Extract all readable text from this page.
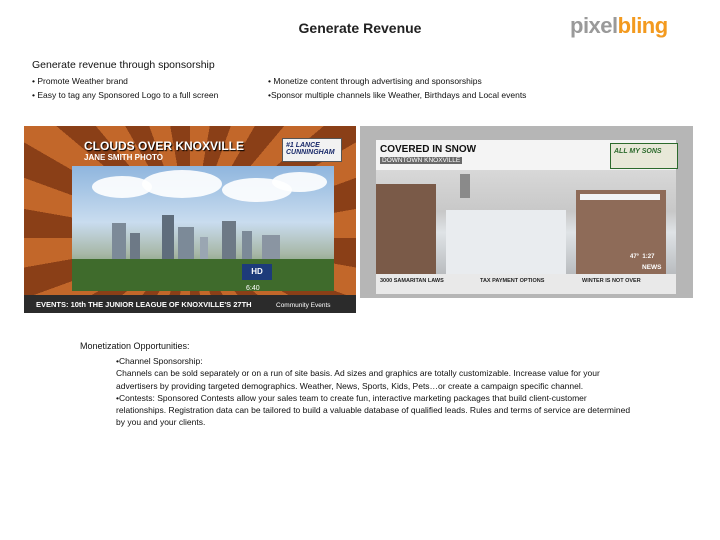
Generate Revenue	pixelbling
Generate revenue through sponsorship
• Promote Weather brand
• Easy to tag any Sponsored Logo to a full screen
• Monetize content through advertising and sponsorships
•Sponsor multiple channels like Weather, Birthdays and Local events
#1 LANCE CUNNINGHAM
CLOUDS OVER KNOXVILLE
JANE SMITH PHOTO
HD
6:40
EVENTS: 10th THE JUNIOR LEAGUE OF KNOXVILLE'S 27TH	Community Events
COVERED IN SNOW
DOWNTOWN KNOXVILLE
ALL MY SONS
47° 1:27
NEWS
3000 SAMARITAN LAWS	TAX PAYMENT OPTIONS	WINTER IS NOT OVER
Monetization Opportunities:

•Channel Sponsorship:

Channels can be sold separately or on a run of site basis. Ad sizes and graphics are totally customizable. Increase value for your advertisers by providing targeted demographics. Weather, News, Sports, Kids, Pets…or create a campaign specific channel.

•Contests: Sponsored Contests allow your sales team to create fun, interactive marketing packages that build client-customer relationships. Registration data can be tailored to build a valuable database of qualified leads. Rules and terms of service are determined by you and your clients.
